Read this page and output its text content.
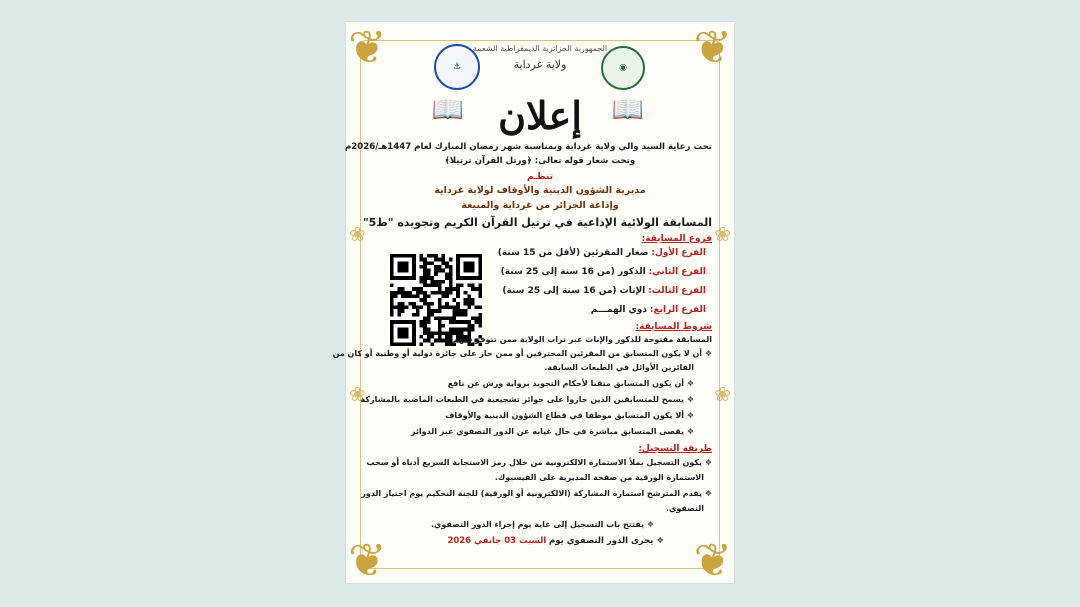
❦	❦
❦	❦
❀
❀
❀
❀
الجمهورية الجزائرية الديمقراطية الشعبية
ولاية غرداية	◉
⚓
📖
📖 إعلان
تحت رعاية السيد والي ولاية غرداية وبمناسبة شهر رمضان المبارك لعام 1447هـ/2026م
وتحت شعار قوله تعالى: ﴿ورتل القرآن ترتيلا﴾
تنظـم
مديرية الشؤون الدينية والأوقاف لولاية غرداية
وإذاعة الجزائر من غرداية والمنيعة
المسابقة الولائية الإذاعية في ترتيل القرآن الكريم وتجويده "ط5"
فروع المسابقة:
الفرع الأول: صغار المقرئين (لأقل من 15 سنة)
الفرع الثاني: الذكور (من 16 سنة إلى 25 سنة)
الفرع الثالث: الإناث (من 16 سنة إلى 25 سنة)
الفرع الرابع: ذوي الهمـــم
شروط المسابقة:
المسابقة مفتوحة للذكور والإناث عبر تراب الولاية ممن تتوفر فيهم
❖ أن لا يكون المتسابق من المقرئين المحترفين أو ممن حاز على جائزة دولية أو وطنية أو كان من
الفائزين الأوائل في الطبعات السابقة.
❖ أن يكون المتسابق متقنا لأحكام التجويد برواية ورش عن نافع
❖ يسمح للمتسابقين الذين حازوا على جوائز تشجيعية في الطبعات الماضية بالمشاركة
❖ ألا يكون المتسابق موظفا في قطاع الشؤون الدينية والأوقاف
❖ يقصى المتسابق مباشرة في حال غيابه عن الدور التصفوي عبر الدوائر
طريقة التسجيل:
❖ يكون التسجيل بملأ الاستمارة الالكترونية من خلال رمز الاستجابة السريع أدناه أو سحب
الاستمارة الورقية من صفحة المديرية على الفيسبوك.
❖ يقدم المترشح استمارة المشاركة (الالكترونية أو الورقية) للجنة التحكيم يوم اجتياز الدور
التصفوي.
❖ يفتتح باب التسجيل إلى غاية يوم إجراء الدور التصفوي.
❖ يجرى الدور التصفوي يوم السبت 03 جانفي 2026
